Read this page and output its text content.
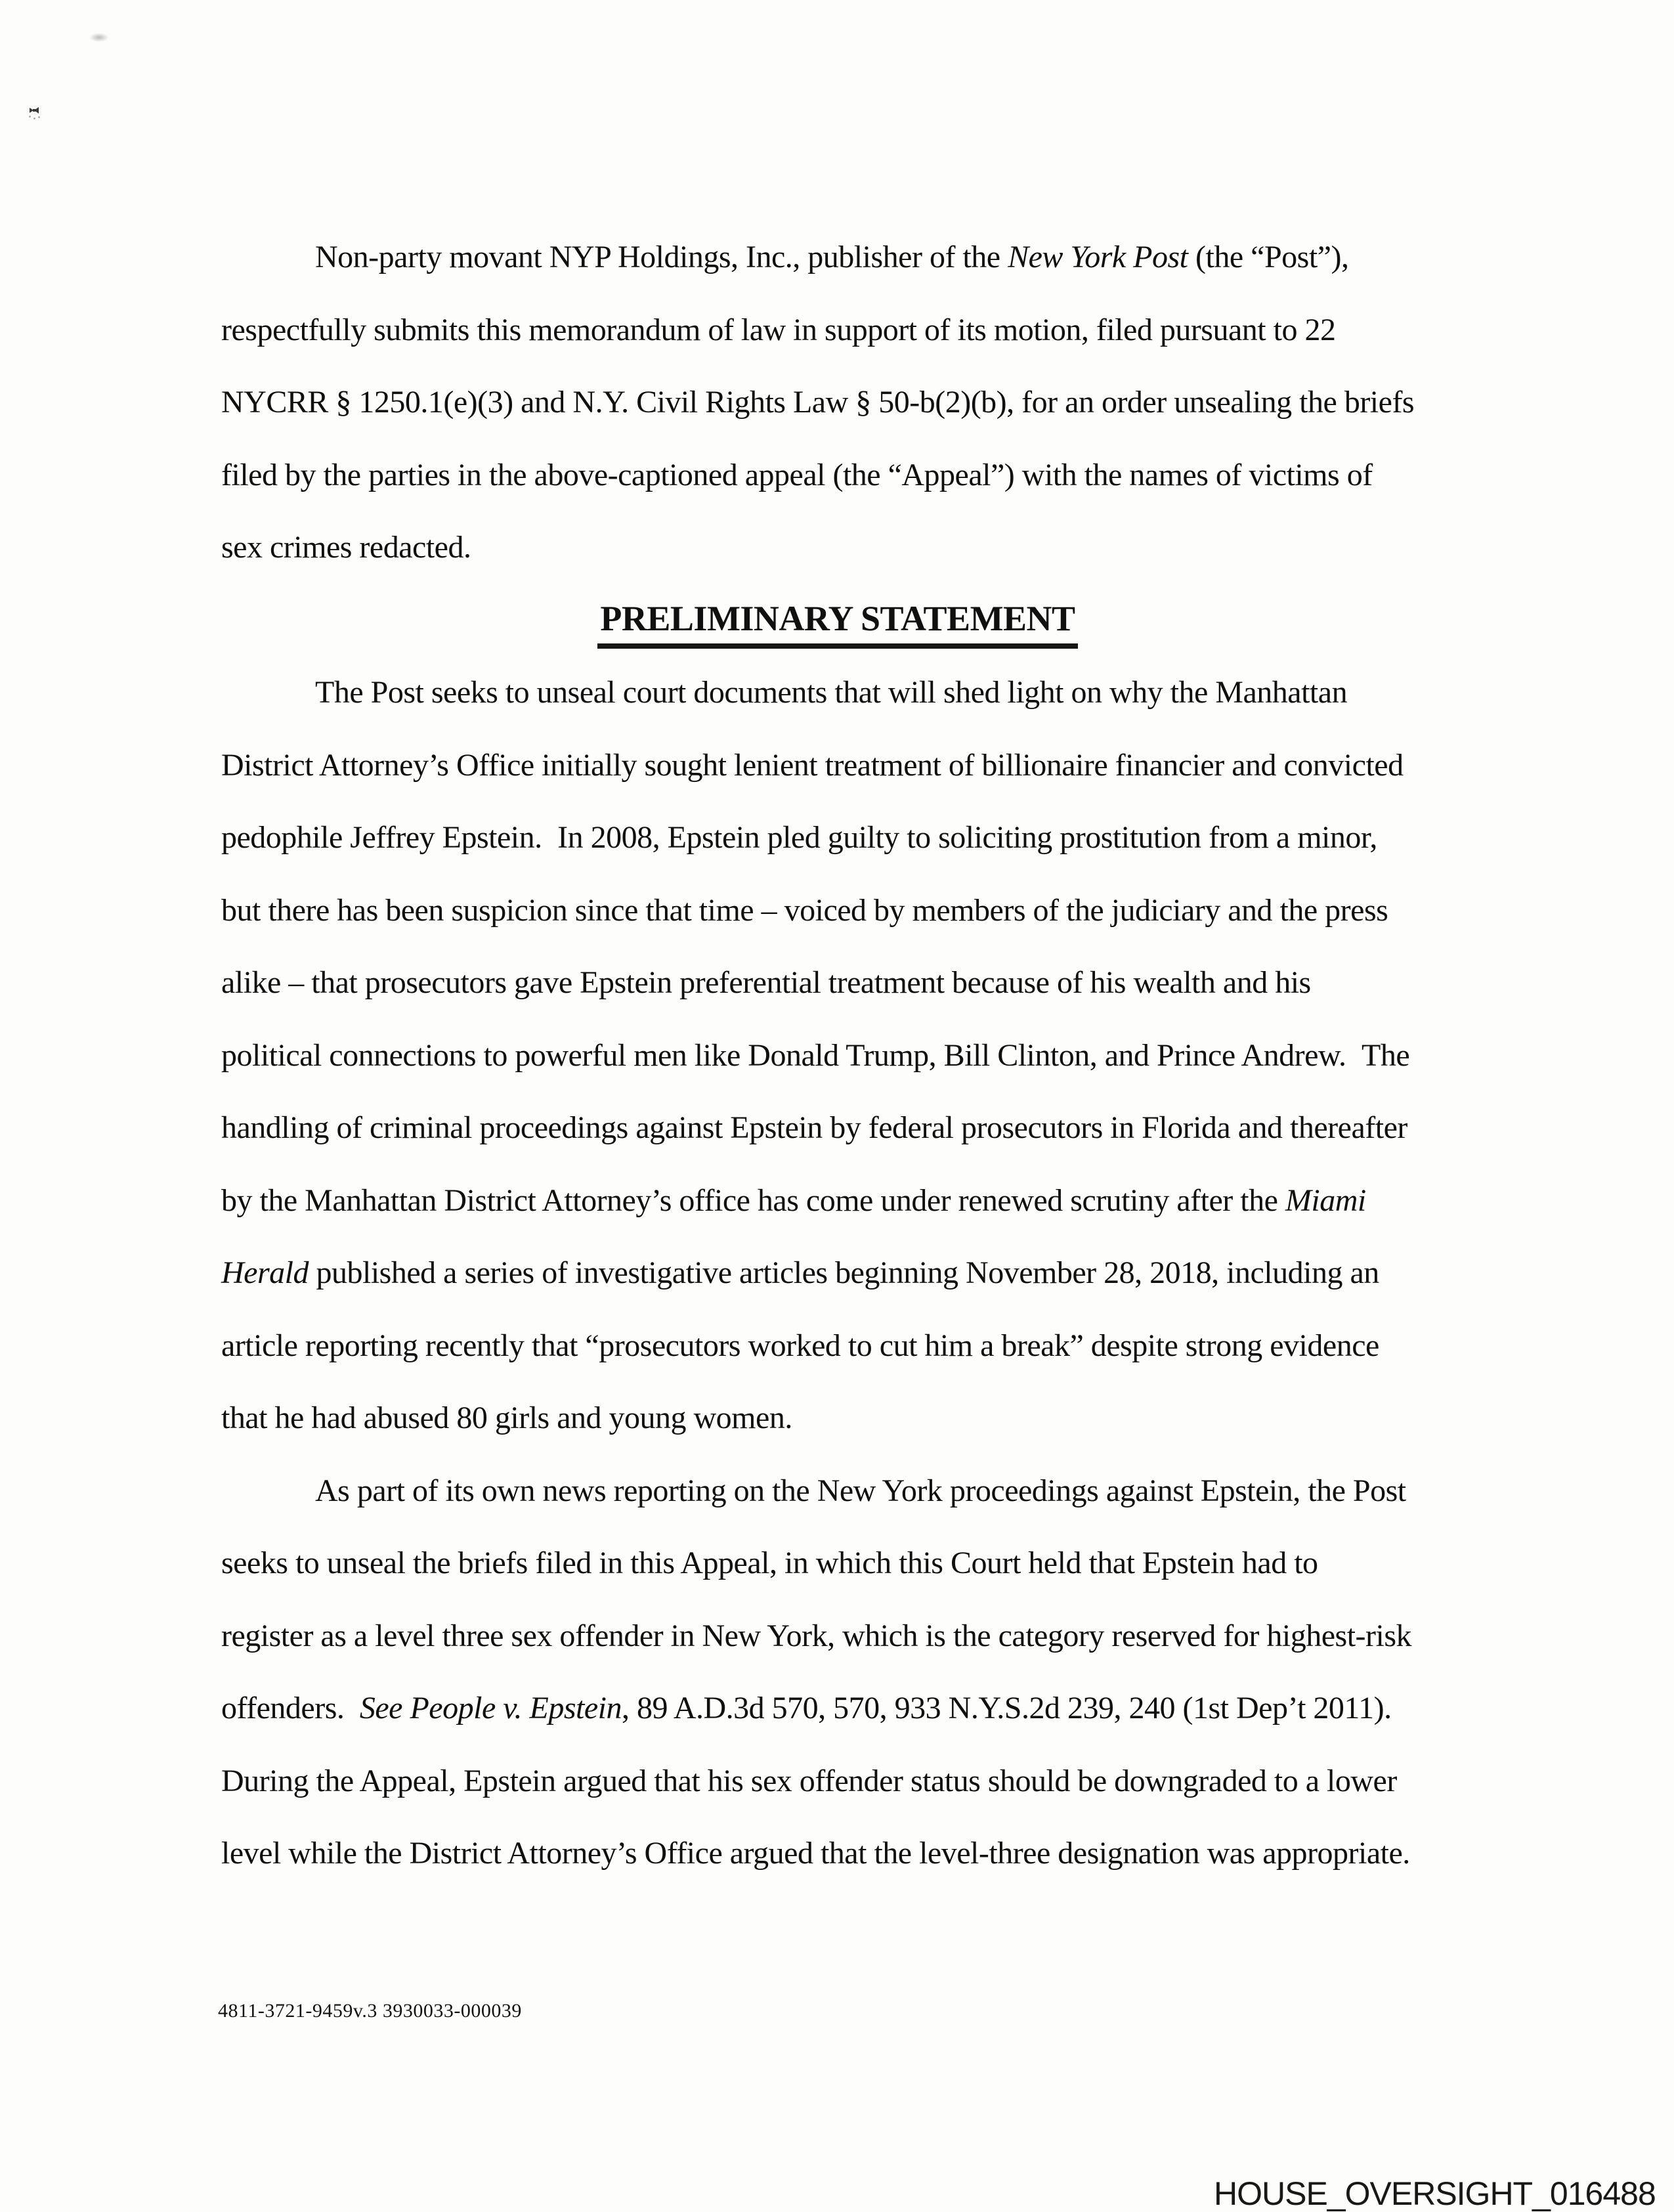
Non-party movant NYP Holdings, Inc., publisher of the New York Post (the “Post”),
respectfully submits this memorandum of law in support of its motion, filed pursuant to 22
NYCRR § 1250.1(e)(3) and N.Y. Civil Rights Law § 50-b(2)(b), for an order unsealing the briefs
filed by the parties in the above-captioned appeal (the “Appeal”) with the names of victims of
sex crimes redacted.
PRELIMINARY STATEMENT
The Post seeks to unseal court documents that will shed light on why the Manhattan
District Attorney’s Office initially sought lenient treatment of billionaire financier and convicted
pedophile Jeffrey Epstein. In 2008, Epstein pled guilty to soliciting prostitution from a minor,
but there has been suspicion since that time – voiced by members of the judiciary and the press
alike – that prosecutors gave Epstein preferential treatment because of his wealth and his
political connections to powerful men like Donald Trump, Bill Clinton, and Prince Andrew. The
handling of criminal proceedings against Epstein by federal prosecutors in Florida and thereafter
by the Manhattan District Attorney’s office has come under renewed scrutiny after the Miami
Herald published a series of investigative articles beginning November 28, 2018, including an
article reporting recently that “prosecutors worked to cut him a break” despite strong evidence
that he had abused 80 girls and young women.
As part of its own news reporting on the New York proceedings against Epstein, the Post
seeks to unseal the briefs filed in this Appeal, in which this Court held that Epstein had to
register as a level three sex offender in New York, which is the category reserved for highest-risk
offenders. See People v. Epstein, 89 A.D.3d 570, 570, 933 N.Y.S.2d 239, 240 (1st Dep’t 2011).
During the Appeal, Epstein argued that his sex offender status should be downgraded to a lower
level while the District Attorney’s Office argued that the level-three designation was appropriate.
4811-3721-9459v.3 3930033-000039
HOUSE_OVERSIGHT_016488
